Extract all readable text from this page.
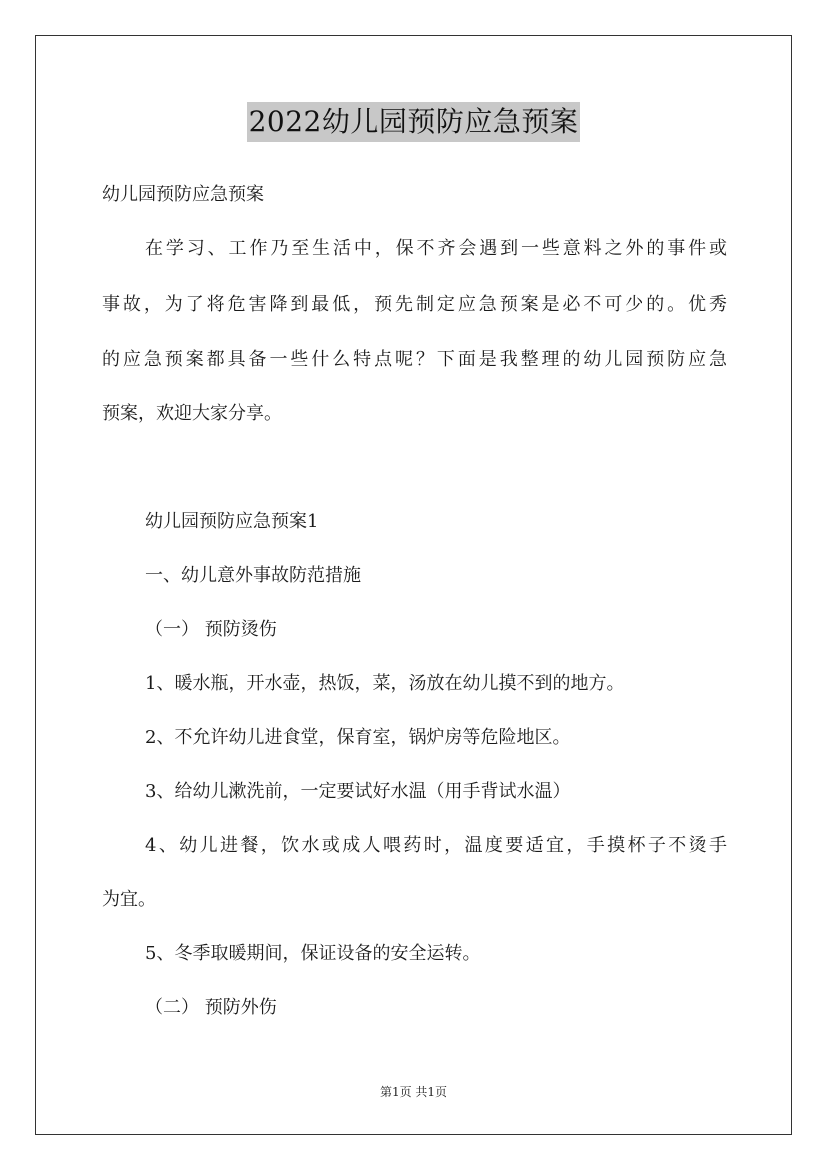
2022幼儿园预防应急预案
幼儿园预防应急预案
在学习、工作乃至生活中，保不齐会遇到一些意料之外的事件或
事故，为了将危害降到最低，预先制定应急预案是必不可少的。优秀
的应急预案都具备一些什么特点呢？下面是我整理的幼儿园预防应急
预案，欢迎大家分享。
幼儿园预防应急预案1
一、幼儿意外事故防范措施
（一） 预防烫伤
1、暖水瓶，开水壶，热饭，菜，汤放在幼儿摸不到的地方。
2、不允许幼儿进食堂，保育室，锅炉房等危险地区。
3、给幼儿漱洗前，一定要试好水温（用手背试水温）
4、幼儿进餐，饮水或成人喂药时，温度要适宜，手摸杯子不烫手
为宜。
5、冬季取暖期间，保证设备的安全运转。
（二） 预防外伤
第1页 共1页
